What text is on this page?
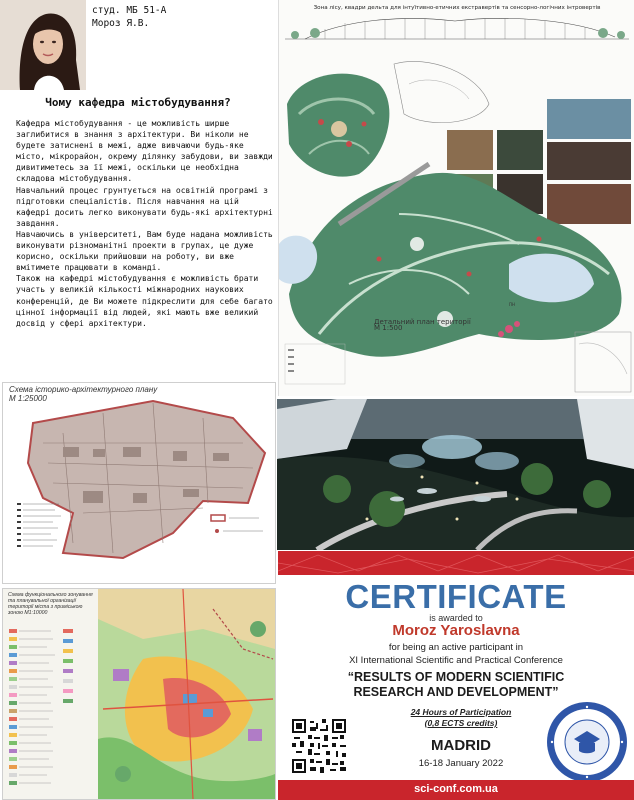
студ. МБ 51-А
Мороз Я.В.
Чому кафедра містобудування?

Кафедра містобудування - це можливість ширше заглибитися в знання з архітектури. Ви ніколи не будете затиснені в межі, адже вивчаючи будь-яке місто, мікрорайон, окрему ділянку забудови, ви завжди дивитиметесь за її межі, оскільки це необхідна складова містобудування.

Навчальний процес грунтується на освітній програмі з підготовки спеціалістів. Після навчання на цій кафедрі досить легко виконувати будь-які архітектурні завдання.

Навчаючись в університеті, Вам буде надана можливість виконувати різноманітні проекти в групах, це дуже корисно, оскільки прийшовши на роботу, ви вже вмітимете працювати в команді.

Також на кафедрі містобудування є можливість брати участь у великій кількості міжнародних наукових конференцій, де Ви можете підкреслити для себе багато цінної інформації від людей, які мають вже великий досвід у сфері архітектури.

Зона лісу, квадри дельта для інтуїтивно-етичних екстравертів та сенсорно-логічних інтровертів
ПН
Детальний план території
М 1:500
Схема історико-архітектурного плану
М 1:25000
Схема функціонального зонування та планувальної організації території міста з приміською зоною М1:10000	CERTIFICATE
is awarded to
Moroz Yaroslavna
for being an active participant in
XI International Scientific and Practical Conference
“RESULTS OF MODERN SCIENTIFIC
RESEARCH AND DEVELOPMENT”
24 Hours of Participation
(0,8 ECTS credits)
MADRID
16-18 January 2022
sci-conf.com.ua
